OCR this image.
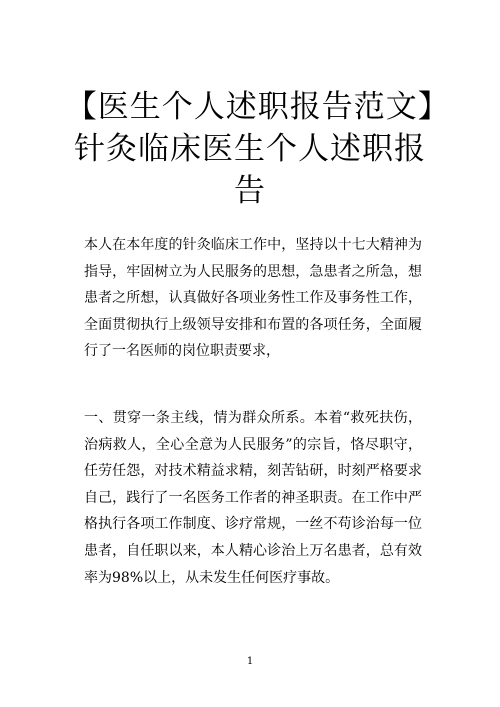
【医生个人述职报告范文】针灸临床医生个人述职报告

本人在本年度的针灸临床工作中，坚持以十七大精神为指导，牢固树立为人民服务的思想，急患者之所急，想患者之所想，认真做好各项业务性工作及事务性工作，全面贯彻执行上级领导安排和布置的各项任务，全面履行了一名医师的岗位职责要求，

一、贯穿一条主线，情为群众所系。本着“救死扶伤，治病救人，全心全意为人民服务”的宗旨，恪尽职守，任劳任怨，对技术精益求精，刻苦钻研，时刻严格要求自己，践行了一名医务工作者的神圣职责。在工作中严格执行各项工作制度、诊疗常规，一丝不苟诊治每一位患者，自任职以来，本人精心诊治上万名患者，总有效率为98%以上，从未发生任何医疗事故。

1
